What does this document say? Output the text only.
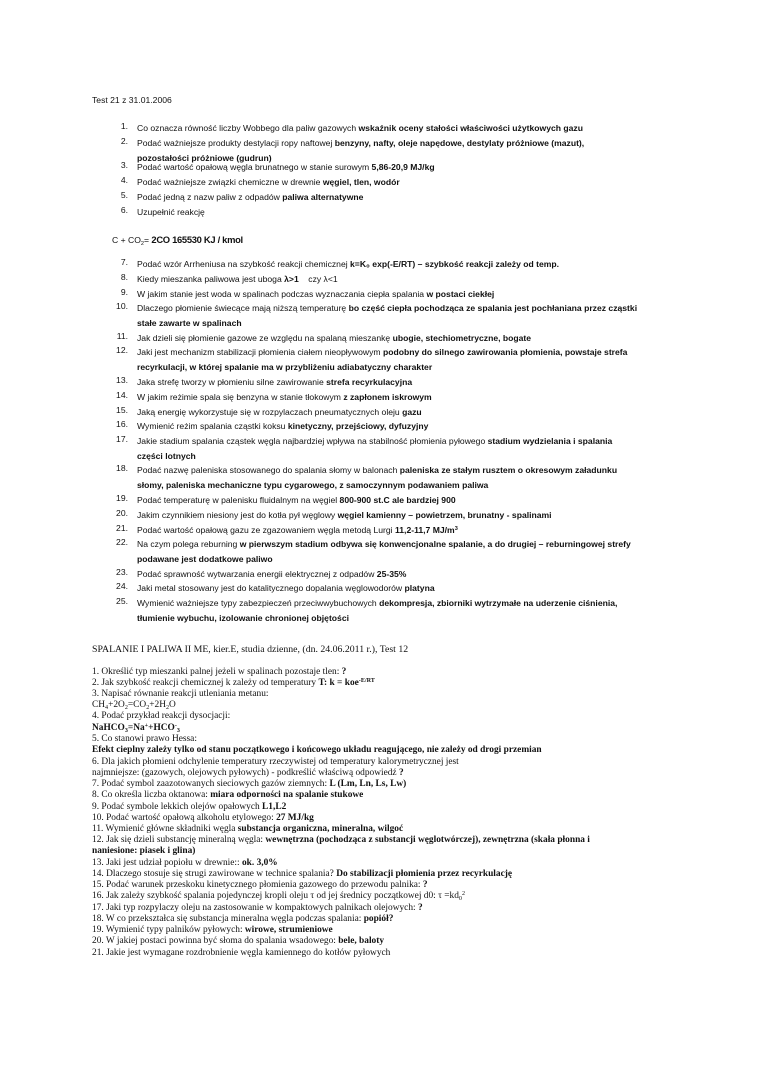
Test 21 z 31.01.2006
1. Co oznacza równość liczby Wobbego dla paliw gazowych wskaźnik oceny stałości właściwości użytkowych gazu
2. Podać ważniejsze produkty destylacji ropy naftowej benzyny, nafty, oleje napędowe, destylaty próżniowe (mazut),
pozostałości próżniowe (gudrun)
3. Podać wartość opałową węgla brunatnego w stanie surowym 5,86-20,9 MJ/kg
4. Podać ważniejsze związki chemiczne w drewnie węgiel, tlen, wodór
5. Podać jedną z nazw paliw z odpadów paliwa alternatywne
6. Uzupełnić reakcję
7. Podać wzór Arrheniusa na szybkość reakcji chemicznej k=K₀ exp(-E/RT) – szybkość reakcji zależy od temp.
8. Kiedy mieszanka paliwowa jest uboga λ>1    czy λ<1
9. W jakim stanie jest woda w spalinach podczas wyznaczania ciepła spalania w postaci ciekłej
10. Dlaczego płomienie świecące mają niższą temperaturę bo część ciepła pochodząca ze spalania jest pochłaniana przez cząstki
stałe zawarte w spalinach
11. Jak dzieli się płomienie gazowe ze względu na spalaną mieszankę ubogie, stechiometryczne, bogate
12. Jaki jest mechanizm stabilizacji płomienia ciałem nieopływowym podobny do silnego zawirowania płomienia, powstaje strefa
recyrkulacji, w której spalanie ma w przybliżeniu adiabatyczny charakter
13. Jaka strefę tworzy w płomieniu silne zawirowanie strefa recyrkulacyjna
14. W jakim reżimie spala się benzyna w stanie tłokowym z zapłonem iskrowym
15. Jaką energię wykorzystuje się w rozpylaczach pneumatycznych oleju gazu
16. Wymienić reżim spalania cząstki koksu kinetyczny, przejściowy, dyfuzyjny
17. Jakie stadium spalania cząstek węgla najbardziej wpływa na stabilność płomienia pyłowego stadium wydzielania i spalania
części lotnych
18. Podać nazwę paleniska stosowanego do spalania słomy w balonach paleniska ze stałym rusztem o okresowym załadunku
słomy, paleniska mechaniczne typu cygarowego, z samoczynnym podawaniem paliwa
19. Podać temperaturę w palenisku fluidalnym na węgiel 800-900 st.C ale bardziej 900
20. Jakim czynnikiem niesiony jest do kotła pył węglowy węgiel kamienny – powietrzem, brunatny - spalinami
21. Podać wartość opałową gazu ze zgazowaniem węgla metodą Lurgi 11,2-11,7 $MJ/m^3$
22. Na czym polega reburning w pierwszym stadium odbywa się konwencjonalne spalanie, a do drugiej – reburningowej strefy
podawane jest dodatkowe paliwo
23. Podać sprawność wytwarzania energii elektrycznej z odpadów 25-35%
24. Jaki metal stosowany jest do katalitycznego dopalania węglowodorów platyna
25. Wymienić ważniejsze typy zabezpieczeń przeciwwybuchowych dekompresja, zbiorniki wytrzymałe na uderzenie ciśnienia,
tłumienie wybuchu, izolowanie chronionej objętości
$C + CO_2= 2CO$ 165530 KJ / kmol
SPALANIE I PALIWA II ME, kier.E, studia dzienne, (dn. 24.06.2011 r.), Test 12
1. Określić typ mieszanki palnej jeżeli w spalinach pozostaje tlen: ?
2. Jak szybkość reakcji chemicznej k zależy od temperatury T: k = koe$^{-E/RT}$
3. Napisać równanie reakcji utleniania metanu:
$CH_4+2O_2=CO_2+2H_2O$
4. Podać przykład reakcji dysocjacji:
$NaHCO_3=Na^++HCO^-_3$
5. Co stanowi prawo Hessa:
Efekt cieplny zależy tylko od stanu początkowego i końcowego układu reagującego, nie zależy od drogi przemian
6. Dla jakich płomieni odchylenie temperatury rzeczywistej od temperatury kalorymetrycznej jest
najmniejsze: (gazowych, olejowych pyłowych) - podkreślić właściwą odpowiedź ?
7. Podać symbol zaazotowanych sieciowych gazów ziemnych: L (Lm, Ln, Ls, Lw)
8. Co określa liczba oktanowa: miara odporności na spalanie stukowe
9. Podać symbole lekkich olejów opałowych L1,L2
10. Podać wartość opałową alkoholu etylowego: 27 MJ/kg
11. Wymienić główne składniki węgla substancja organiczna, mineralna, wilgoć
12. Jak się dzieli substancję mineralną węgla: wewnętrzna (pochodząca z substancji węglotwórczej), zewnętrzna (skała płonna i
naniesione: piasek i glina)
13. Jaki jest udział popiołu w drewnie:: ok. 3,0%
14. Dlaczego stosuje się strugi zawirowane w technice spalania? Do stabilizacji płomienia przez recyrkulację
15. Podać warunek przeskoku kinetycznego płomienia gazowego do przewodu palnika: ?
16. Jak zależy szybkość spalania pojedynczej kropli oleju τ od jej średnicy początkowej d0: $\tau =kd_0^2$
17. Jaki typ rozpylaczy oleju na zastosowanie w kompaktowych palnikach olejowych: ?
18. W co przekształca się substancja mineralna węgla podczas spalania: popiół?
19. Wymienić typy palników pyłowych: wirowe, strumieniowe
20. W jakiej postaci powinna być słoma do spalania wsadowego: bele, baloty
21. Jakie jest wymagane rozdrobnienie węgla kamiennego do kotłów pyłowych
